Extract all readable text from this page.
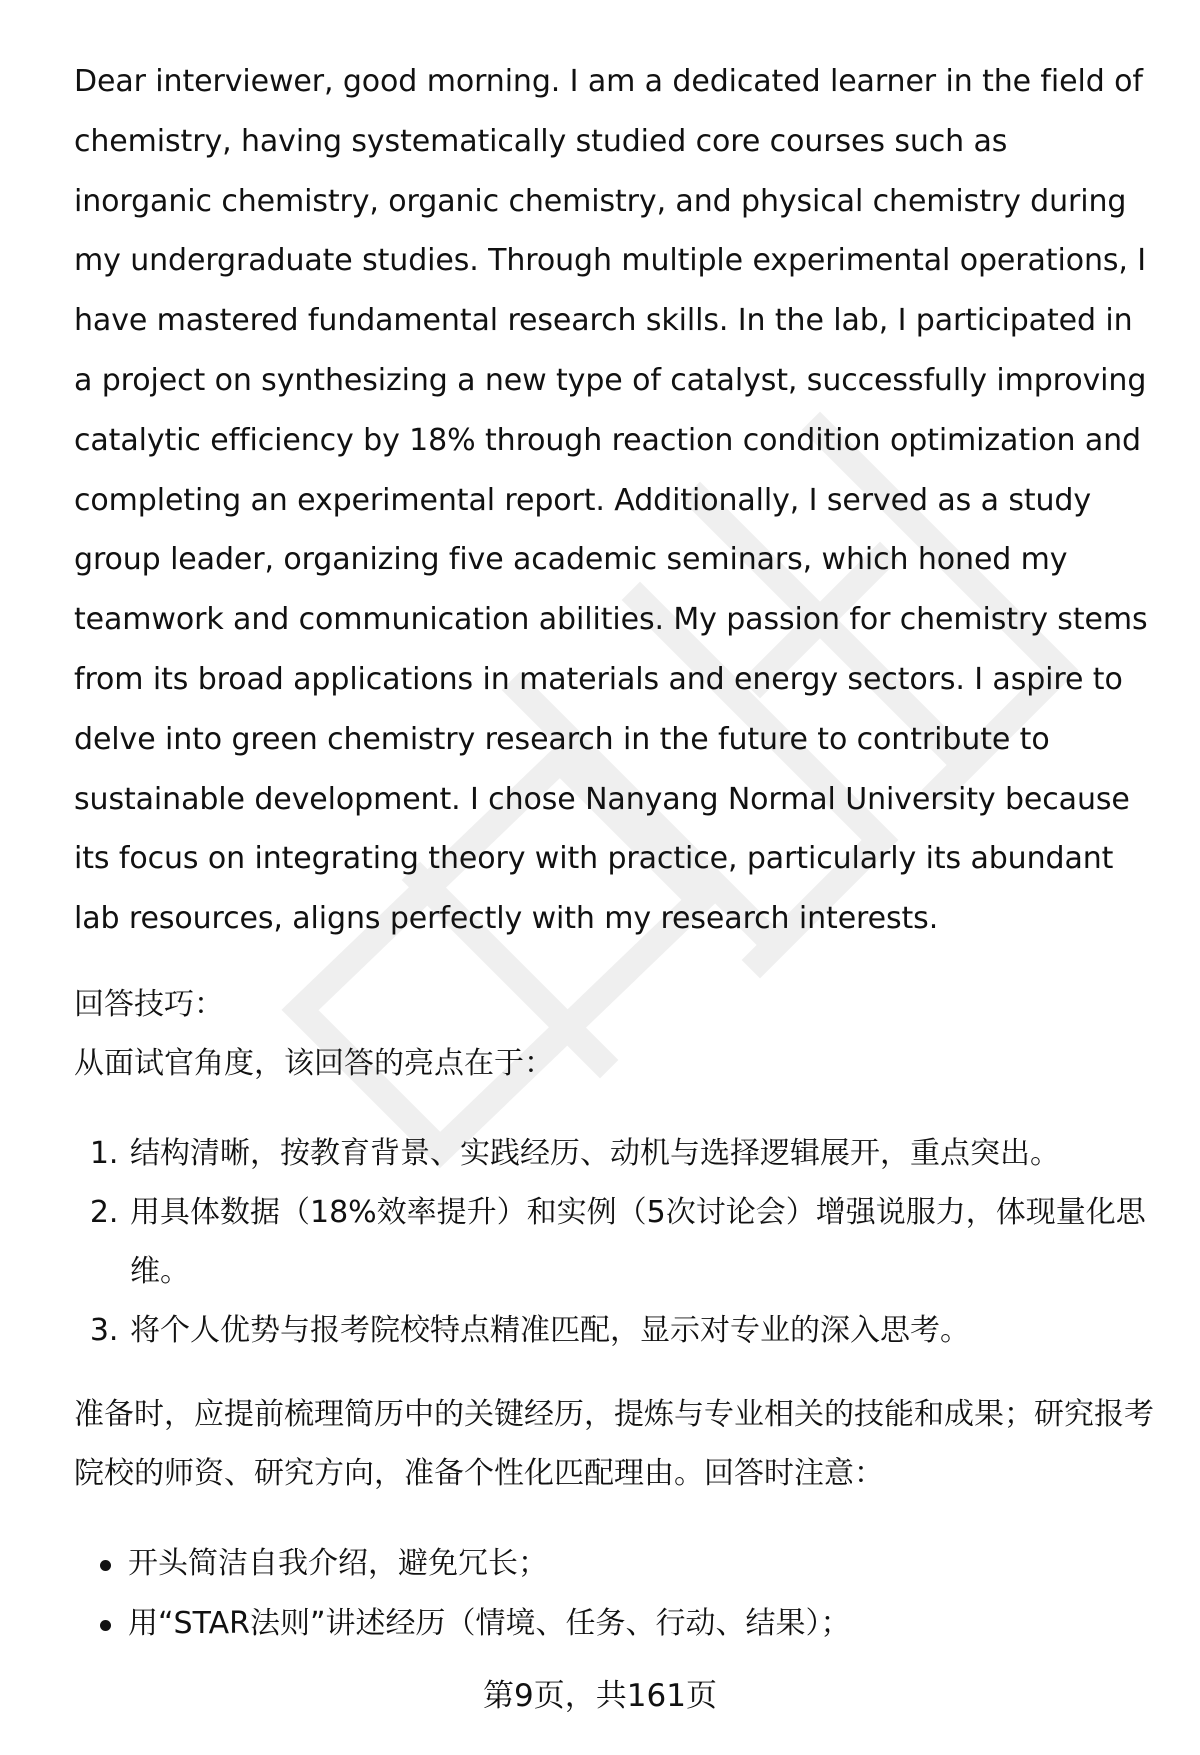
Dear interviewer, good morning. I am a dedicated learner in the field of chemistry, having systematically studied core courses such as inorganic chemistry, organic chemistry, and physical chemistry during my undergraduate studies. Through multiple experimental operations, I have mastered fundamental research skills. In the lab, I participated in a project on synthesizing a new type of catalyst, successfully improving catalytic efficiency by 18% through reaction condition optimization and completing an experimental report. Additionally, I served as a study group leader, organizing five academic seminars, which honed my teamwork and communication abilities. My passion for chemistry stems from its broad applications in materials and energy sectors. I aspire to delve into green chemistry research in the future to contribute to sustainable development. I chose Nanyang Normal University because its focus on integrating theory with practice, particularly its abundant lab resources, aligns perfectly with my research interests.

回答技巧：

从面试官角度，该回答的亮点在于：

1. 结构清晰，按教育背景、实践经历、动机与选择逻辑展开，重点突出。
2. 用具体数据（18%效率提升）和实例（5次讨论会）增强说服力，体现量化思维。
3. 将个人优势与报考院校特点精准匹配，显示对专业的深入思考。

准备时，应提前梳理简历中的关键经历，提炼与专业相关的技能和成果；研究报考院校的师资、研究方向，准备个性化匹配理由。回答时注意：

开头简洁自我介绍，避免冗长；
用“STAR法则”讲述经历（情境、任务、行动、结果）；
第9页，共161页
